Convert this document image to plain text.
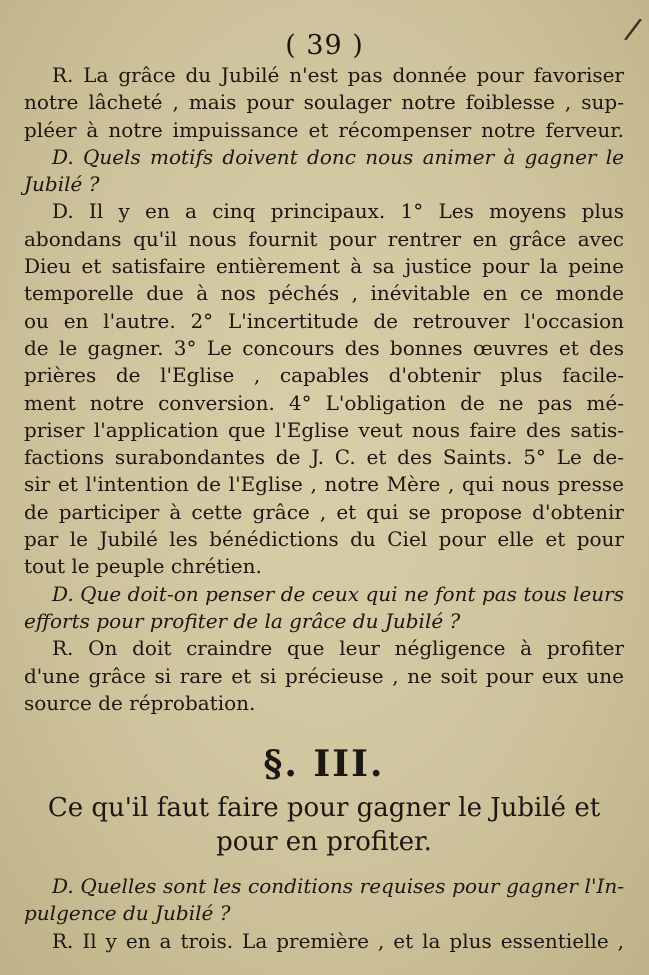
( 39 )	/
R. La grâce du Jubilé n'est pas donnée pour favoriser
notre lâcheté , mais pour soulager notre foiblesse , sup-
pléer à notre impuissance et récompenser notre ferveur.
D. Quels motifs doivent donc nous animer à gagner le
Jubilé ?
D. Il y en a cinq principaux. 1° Les moyens plus
abondans qu'il nous fournit pour rentrer en grâce avec
Dieu et satisfaire entièrement à sa justice pour la peine
temporelle due à nos péchés , inévitable en ce monde
ou en l'autre. 2° L'incertitude de retrouver l'occasion
de le gagner. 3° Le concours des bonnes œuvres et des
prières de l'Eglise , capables d'obtenir plus facile-
ment notre conversion. 4° L'obligation de ne pas mé-
priser l'application que l'Eglise veut nous faire des satis-
factions surabondantes de J. C. et des Saints. 5° Le de-
sir et l'intention de l'Eglise , notre Mère , qui nous presse
de participer à cette grâce , et qui se propose d'obtenir
par le Jubilé les bénédictions du Ciel pour elle et pour
tout le peuple chrétien.
D. Que doit-on penser de ceux qui ne font pas tous leurs
efforts pour profiter de la grâce du Jubilé ?
R. On doit craindre que leur négligence à profiter
d'une grâce si rare et si précieuse , ne soit pour eux une
source de réprobation.
§. III.
Ce qu'il faut faire pour gagner le Jubilé et
pour en profiter.
D. Quelles sont les conditions requises pour gagner l'In-
pulgence du Jubilé ?
R. Il y en a trois. La première , et la plus essentielle ,
